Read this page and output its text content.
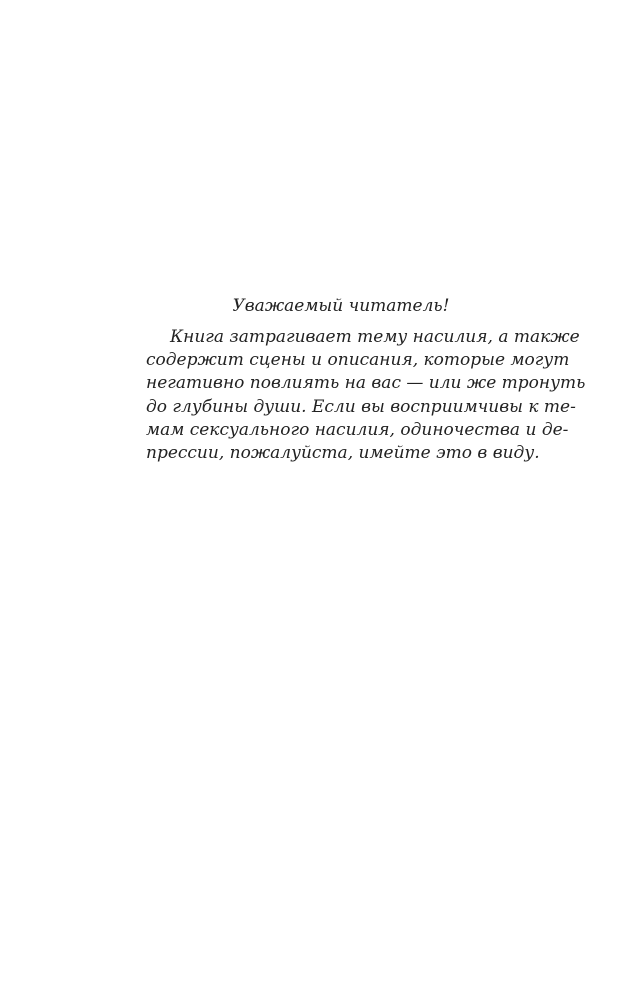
Уважаемый читатель!

Книга затрагивает тему насилия, а также
содержит сцены и описания, которые могут
негативно повлиять на вас — или же тронуть
до глубины души. Если вы восприимчивы к те-
мам сексуального насилия, одиночества и де-
прессии, пожалуйста, имейте это в виду.
